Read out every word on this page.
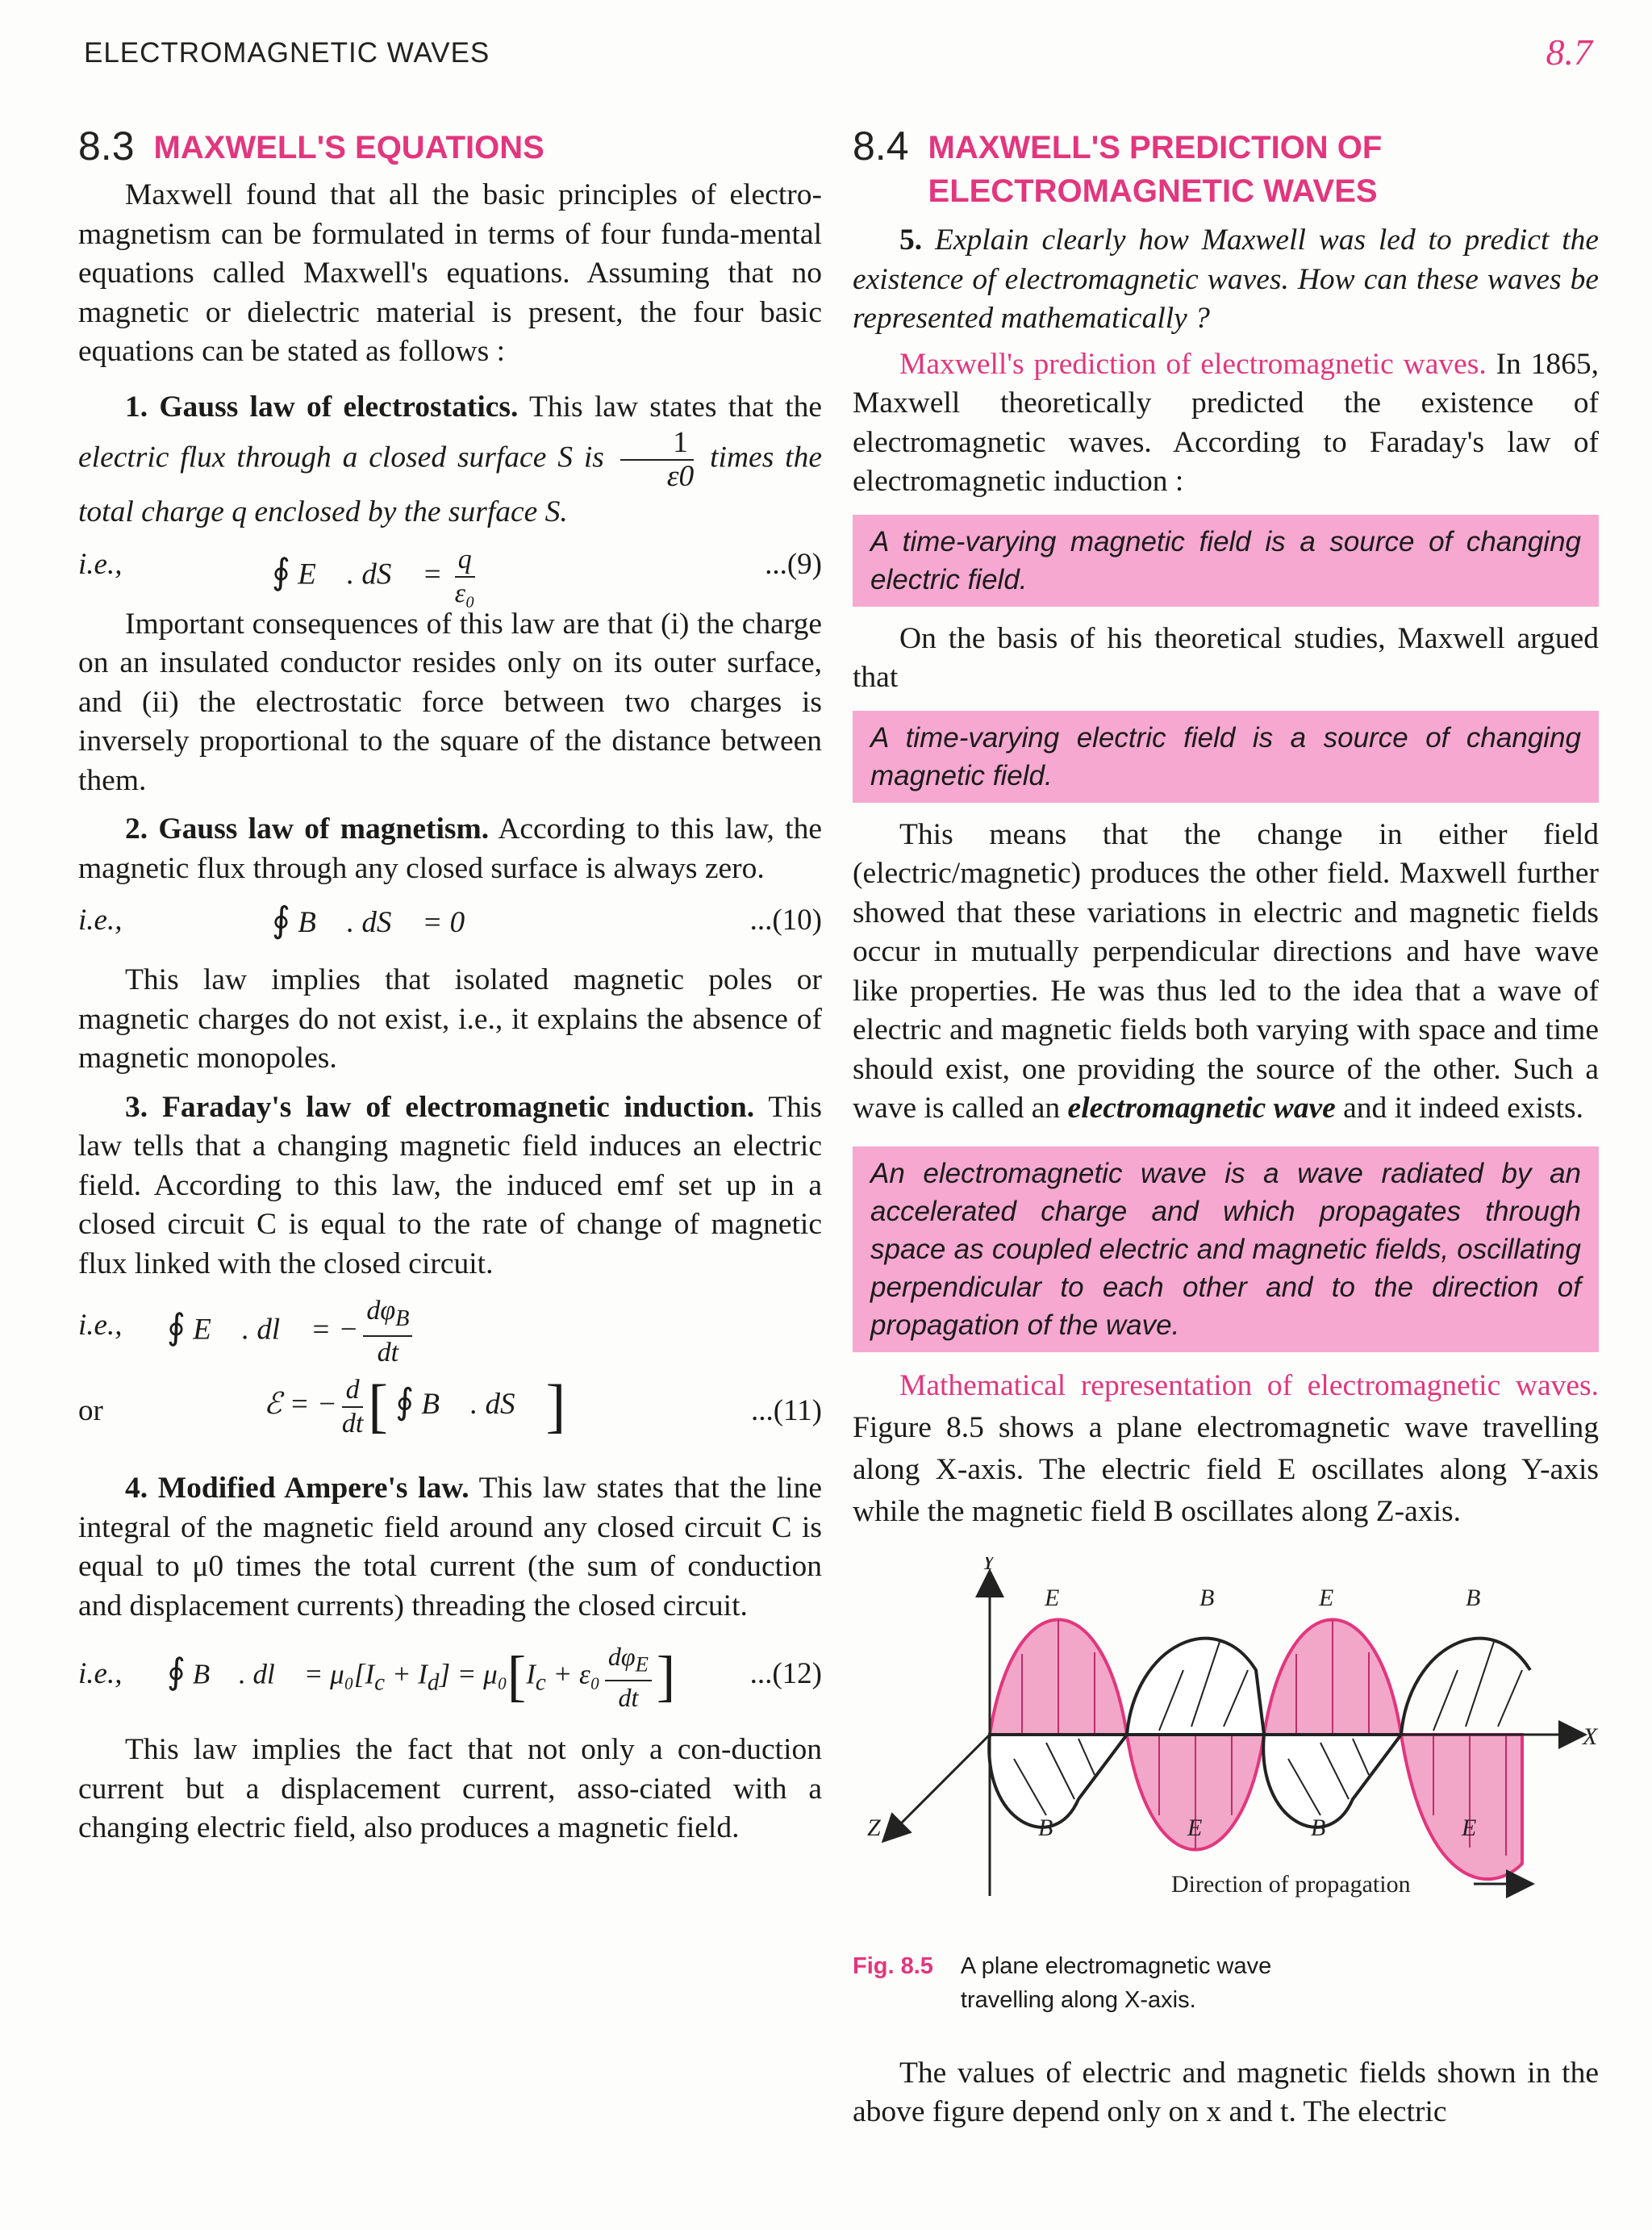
ELECTROMAGNETIC WAVES	8.7
8.3 MAXWELL'S EQUATIONS

Maxwell found that all the basic principles of electro-magnetism can be formulated in terms of four funda-mental equations called Maxwell's equations. Assuming that no magnetic or dielectric material is present, the four basic equations can be stated as follows :

1. Gauss law of electrostatics. This law states that the electric flux through a closed surface S is $\frac{1}{\varepsilon 0}$ times the total charge q enclosed by the surface S.

i.e.,	∮ E⃗ . dS⃗ = $\frac{q}{\text{ε₀}}$	...(9)

Important consequences of this law are that (i) the charge on an insulated conductor resides only on its outer surface, and (ii) the electrostatic force between two charges is inversely proportional to the square of the distance between them.

2. Gauss law of magnetism. According to this law, the magnetic flux through any closed surface is always zero.

i.e.,	∮ B⃗ . dS⃗ = 0	...(10)

This law implies that isolated magnetic poles or magnetic charges do not exist, i.e., it explains the absence of magnetic monopoles.

3. Faraday's law of electromagnetic induction. This law tells that a changing magnetic field induces an electric field. According to this law, the induced emf set up in a closed circuit C is equal to the rate of change of magnetic flux linked with the closed circuit.

i.e., ∮ E⃗ . dl⃗ = − $\frac{d\varphi_B}{dt}$
or	ℰ = − $\frac{d}{dt}$ [ ∮ B⃗ . dS⃗ ]	...(11)

4. Modified Ampere's law. This law states that the line integral of the magnetic field around any closed circuit C is equal to μ0 times the total current (the sum of conduction and displacement currents) threading the closed circuit.

i.e., ∮ B⃗ . dl⃗ = $\mu_0[I_c + I_d] = \mu_0[I_c + \varepsilon_0 \frac{d\varphi_E}{dt}$ ] ...(12)

This law implies the fact that not only a con-duction current but a displacement current, asso-ciated with a changing electric field, also produces a magnetic field.

8.4 MAXWELL'S PREDICTION OF
ELECTROMAGNETIC WAVES

5. Explain clearly how Maxwell was led to predict the existence of electromagnetic waves. How can these waves be represented mathematically ?

Maxwell's prediction of electromagnetic waves. In 1865, Maxwell theoretically predicted the existence of electromagnetic waves. According to Faraday's law of electromagnetic induction :

A time-varying magnetic field is a source of changing electric field.

On the basis of his theoretical studies, Maxwell argued that

A time-varying electric field is a source of changing magnetic field.

This means that the change in either field (electric/magnetic) produces the other field. Maxwell further showed that these variations in electric and magnetic fields occur in mutually perpendicular directions and have wave like properties. He was thus led to the idea that a wave of electric and magnetic fields both varying with space and time should exist, one providing the source of the other. Such a wave is called an electromagnetic wave and it indeed exists.

An electromagnetic wave is a wave radiated by an accelerated charge and which propagates through space as coupled electric and magnetic fields, oscillating perpendicular to each other and to the direction of propagation of the wave.

Mathematical representation of electromagnetic waves. Figure 8.5 shows a plane electromagnetic wave travelling along X-axis. The electric field E oscillates along Y-axis while the magnetic field B oscillates along Z-axis.

Y
X
Z
E	B	E	B
B	E	B	E
Direction of propagation
Fig. 8.5 A plane electromagnetic wave
travelling along X-axis.

The values of electric and magnetic fields shown in the above figure depend only on x and t. The electric
